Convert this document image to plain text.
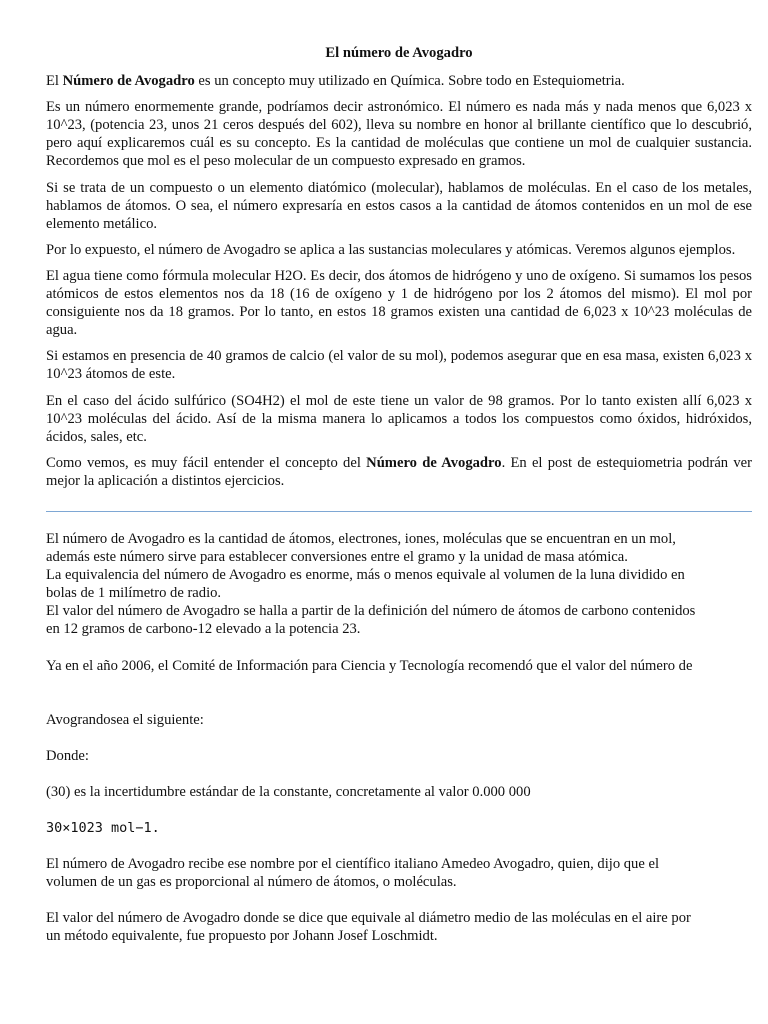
El número de Avogadro

El Número de Avogadro es un concepto muy utilizado en Química. Sobre todo en Estequiometria.

Es un número enormemente grande, podríamos decir astronómico. El número es nada más y nada menos que 6,023 x 10^23, (potencia 23, unos 21 ceros después del 602), lleva su nombre en honor al brillante científico que lo descubrió, pero aquí explicaremos cuál es su concepto. Es la cantidad de moléculas que contiene un mol de cualquier sustancia. Recordemos que mol es el peso molecular de un compuesto expresado en gramos.

Si se trata de un compuesto o un elemento diatómico (molecular), hablamos de moléculas. En el caso de los metales, hablamos de átomos. O sea, el número expresaría en estos casos a la cantidad de átomos contenidos en un mol de ese elemento metálico.

Por lo expuesto, el número de Avogadro se aplica a las sustancias moleculares y atómicas. Veremos algunos ejemplos.

El agua tiene como fórmula molecular H2O. Es decir, dos átomos de hidrógeno y uno de oxígeno. Si sumamos los pesos atómicos de estos elementos nos da 18 (16 de oxígeno y 1 de hidrógeno por los 2 átomos del mismo). El mol por consiguiente nos da 18 gramos. Por lo tanto, en estos 18 gramos existen una cantidad de 6,023 x 10^23 moléculas de agua.

Si estamos en presencia de 40 gramos de calcio (el valor de su mol), podemos asegurar que en esa masa, existen 6,023 x 10^23 átomos de este.

En el caso del ácido sulfúrico (SO4H2) el mol de este tiene un valor de 98 gramos. Por lo tanto existen allí 6,023 x 10^23 moléculas del ácido. Así de la misma manera lo aplicamos a todos los compuestos como óxidos, hidróxidos, ácidos, sales, etc.

Como vemos, es muy fácil entender el concepto del Número de Avogadro. En el post de estequiometria podrán ver mejor la aplicación a distintos ejercicios.

El número de Avogadro es la cantidad de átomos, electrones, iones, moléculas que se encuentran en un mol,

además este número sirve para establecer conversiones entre el gramo y la unidad de masa atómica.

La equivalencia del número de Avogadro es enorme, más o menos equivale al volumen de la luna dividido en

bolas de 1 milímetro de radio.

El valor del número de Avogadro se halla a partir de la definición del número de átomos de carbono contenidos

en 12 gramos de carbono-12 elevado a la potencia 23.

Ya en el año 2006, el Comité de Información para Ciencia y Tecnología recomendó que el valor del número de

Avograndosea el siguiente:

Donde:

(30) es la incertidumbre estándar de la constante, concretamente al valor 0.000 000

30×1023 mol−1.

El número de Avogadro recibe ese nombre por el científico italiano Amedeo Avogadro, quien, dijo que el

volumen de un gas es proporcional al número de átomos, o moléculas.

El valor del número de Avogadro donde se dice que equivale al diámetro medio de las moléculas en el aire por

un método equivalente, fue propuesto por Johann Josef Loschmidt.
